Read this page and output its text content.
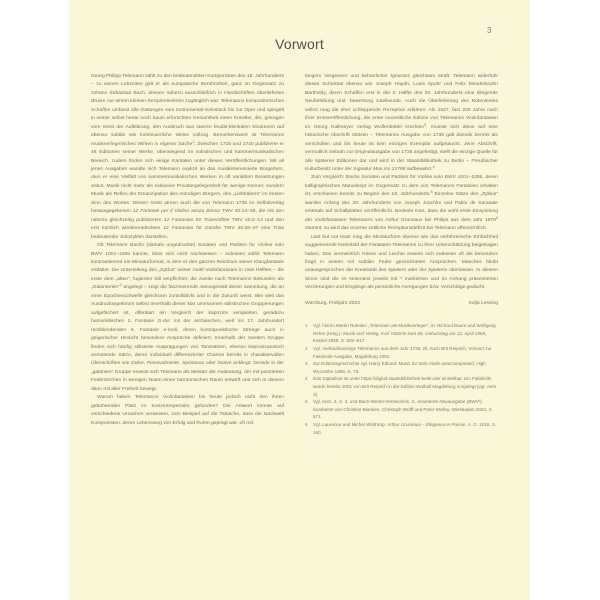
3
Vorwort

Georg Philipp Telemann zählt zu den bedeutendsten Komponisten des 18. Jahrhunderts – zu seinen Lebzeiten galt er als europäische Berühmtheit, ganz im Gegensatz zu Johann Sebastian Bach, dessen nahezu ausschließlich in Handschriften überliefertes Œuvre nur einem kleinen Rezipientenkreis zugänglich war. Telemanns kompositorisches Schaffen umfasst alle Gattungen vom Instrumental-Solostück bis zur Oper und spiegelt in seiner selbst heute noch kaum erforschten Gesamtheit einen Künstler, der, getragen vom Geist der Aufklärung, den Ausbruch aus starren feudal-klerikalen Strukturen auf ebenso subtile wie kontinuierliche Weise vollzog. Bemerkenswert ist Telemanns musikverlegerisches Wirken in eigener Sache$^1$: Zwischen 1715 und 1740 publizierte er 46 Editionen seiner Werke, überwiegend im solistischen und kammermusikalischen Bereich, zudem finden sich einige Kantaten unter diesen Veröffentlichungen. Mit all jenen Ausgaben wandte sich Telemann explizit an das musikinteressierte Bürgertum, dem er eine Vielfalt von kammermusikalischen Werken in oft variablen Besetzungen anbot. Musik nicht mehr als exklusive Privatangelegenheit für wenige Kenner, sondern Musik als Reflex der Emanzipation des mündigen Bürgers, des „Liebhabers“ im besten Sinn des Wortes. Diesen Geist atmen auch die von Telemann 1735 im Selbstverlag herausgegebenen 12 Fantasie per il Violino senza Basso TWV 40:14–25, die mit den nahezu gleichzeitig publizierten 12 Fantasien für Traversflöte TWV 40:2–13 und den erst kürzlich wiederentdeckten 12 Fantasien für Gambe TWV 40:26–37 eine Trias bedeutender Solozyklen darstellen.

Ob Telemann Bachs (damals ungedruckte) Sonaten und Partiten für Violine solo BWV 1001–1006 kannte, lässt sich nicht nachweisen – indessen wählt Telemann kontrastierend ein Miniaturformat, in dem er den ganzen Reichtum seiner Klangfantasie entfaltet. Die Unterteilung des „Zyklus“ seiner zwölf Violinfantasien in zwei Hälften – die erste dem „alten“, fugierten Stil verpflichtet, die zweite nach Telemanns Bekunden als „Galanterien“$^2$ angelegt – zeigt die faszinierende Janusgestalt dieser Sammlung, die an einer Epochenschwelle gleichsam zurückblickt und in die Zukunft weist. Wie weit das Ausdrucksspektrum selbst innerhalb dieser klar umrissenen stilistischen Gruppierungen aufgefächert ist, offenbart ein Vergleich der kapriziös verspielten, geradezu humoristischen 2. Fantasie G-dur mit der archaischen, weit ins 17. Jahrhundert rückblendenden 6. Fantasie e-moll, deren kontrapunktische Strenge auch in geigerischer Hinsicht besondere Ansprüche definiert. Innerhalb der zweiten Gruppe finden sich häufig stilisierte Ausprägungen von Tanzsätzen, ebenso improvisatorisch anmutende Sätze, deren individuell differenzierter Charme bereits in charaktervollen Überschriften wie Dolce, Piacevolmente, Spirituoso oder Soave anklingt. Gerade in der „galanten“ Gruppe erweist sich Telemann als Meister der Andeutung, der mit pointierten Federstrichen in wenigen Noten einen harmonischen Raum entwirft und sich in diesem dann mit aller Freiheit bewegt.

Warum haben Telemanns Violinfantasien bis heute jedoch nicht den ihnen gebührenden Platz im Konzertrepertoire gefunden? Die Antwort könnte auf verschiedene Ursachen verweisen, zum Beispiel auf die Tatsache, dass die Nachwelt Komponisten, deren Lebensweg von Erfolg und Ruhm geprägt war, oft mit

langem Vergessen und beharrlicher Ignoranz gleichsam straft. Telemann widerfuhr dieses Schicksal ebenso wie Joseph Haydn, Louis Spohr und Felix Mendelssohn Bartholdy, deren Schaffen erst in der 2. Hälfte des 20. Jahrhunderts eine klingende Neubelebung und -bewertung zuteilwurde. Auch die Überlieferung des Notentextes selbst mag die eher schleppende Rezeption erklären: Als 1927, fast 200 Jahre nach ihrer Erstveröffentlichung, die erste neuzeitliche Edition von Telemanns Violinfantasien im Georg Kallmeyer Verlag Wolfenbüttel erschien$^3$, musste sich diese auf eine historische Abschrift stützen – Telemanns Ausgabe von 1735 galt damals bereits als verschollen und bis heute ist kein einziges Exemplar aufgetaucht. Jene Abschrift, vermutlich zeitnah zur Originalausgabe von 1735 angefertigt, stellt die einzige Quelle für alle späteren Editionen dar und wird in der Staatsbibliothek zu Berlin – Preußischer Kulturbesitz unter der Signatur Mus.ms 21788 aufbewahrt.$^4$

Zum Vergleich: Bachs Sonaten und Partiten für Violine solo BWV 1001–1006, deren kalligraphisches Manuskript im Gegensatz zu dem von Telemanns Fantasien erhalten ist, erschienen bereits zu Beginn des 19. Jahrhunderts.$^5$ Einzelne Sätze des „Zyklus“ wurden Anfang des 20. Jahrhunderts von Joseph Joachim und Pablo de Sarasate erstmals auf Schallplatten veröffentlicht. Bedenkt man, dass die wohl erste Einspielung der Violinfantasien Telemanns von Arthur Grumiaux bei Philips aus dem Jahr 1970$^6$ stammt, so wird das enorme zeitliche Rezeptionsdefizit bei Telemann offensichtlich.

Last but not least mag die Miniaturform ebenso wie das verführerische Einfachheit suggerierende Notenbild der Fantasien Telemanns zu ihrer Unterschätzung beigetragen haben. Das vermeintlich Kleine und Leichte erweist sich indessen oft als besonders fragil in seinen mit subtiler Feder gezeichneten Ansprüchen. Manches bleibt unausgesprochen der Kreativität des Spielers oder der Spielerin überlassen. In diesem Sinne sind die im Notentext jeweils mit * markierten und im Anhang präsentierten Verzierungen und Eingänge als persönliche Anregungen bzw. Vorschläge gedacht.

Würzburg, Frühjahr 2023	Kolja Lessing
1	Vgl. hierzu Martin Ruhnke: „Telemann als Musikverleger“, in: Richard Baum und Wolfgang Rehm (Hrsg.): Musik und Verlag. Karl Vötterle zum 65. Geburtstag am 12. April 1968, Kassel 1968, S. 502–517.
2	Vgl. Verkaufsanzeige Telemanns aus dem Jahr 1735, zit. nach Brit Reipsch, Vorwort zur Faksimile-Ausgabe, Magdeburg 2001.
3	Zur Editionsgeschichte vgl. Harry Edlund: Music for Solo Violin unaccompanied, High Wycombe 1989, S. 78.
4	Das Digitalisat ist unter https://digital.staatsbibliothek-berlin.de/ einsehbar. Ein Faksimile wurde bereits 2001 von Brit Reipsch in der Edition Walhall Magdeburg vorgelegt (vgl. Anm. 2).
5	Vgl. Anm. 3, S. 3, und Bach-Werke-Verzeichnis, 3., erweiterte Neuausgabe (BWV³), bearbeitet von Christine Blanken, Christoph Wolff und Peter Wollny, Wiesbaden 2022, S. 571.
6	Vgl. Laurence und Michel Winthrop: Arthur Grumiaux – Élégance et Poésie, o. O. 2018, S. 160.
